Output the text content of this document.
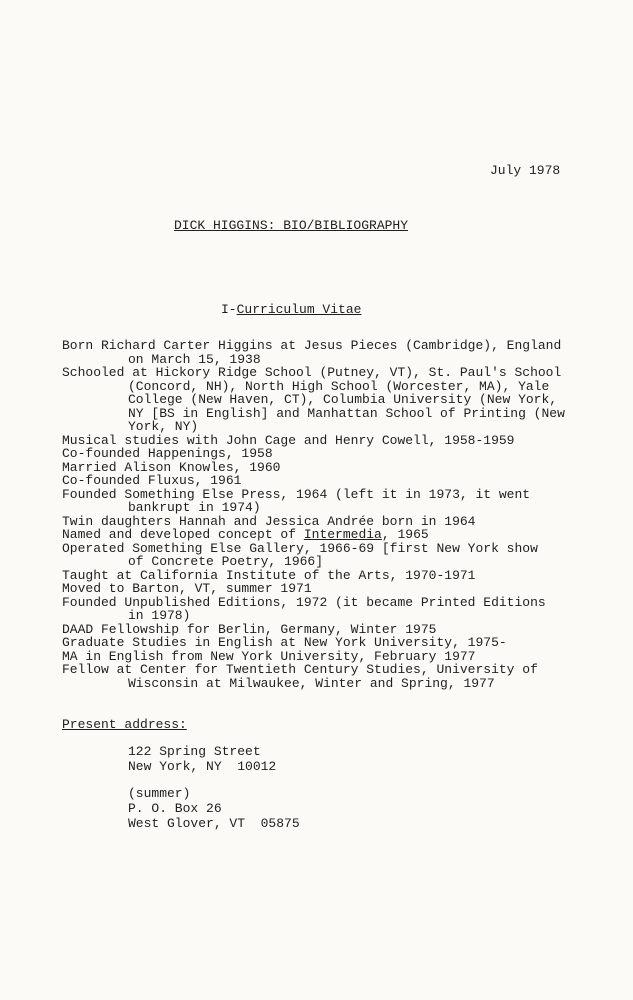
July 1978
DICK HIGGINS: BIO/BIBLIOGRAPHY
I-Curriculum Vitae
Born Richard Carter Higgins at Jesus Pieces (Cambridge), England
on March 15, 1938
Schooled at Hickory Ridge School (Putney, VT), St. Paul's School
(Concord, NH), North High School (Worcester, MA), Yale
College (New Haven, CT), Columbia University (New York,
NY [BS in English] and Manhattan School of Printing (New
York, NY)
Musical studies with John Cage and Henry Cowell, 1958-1959
Co-founded Happenings, 1958
Married Alison Knowles, 1960
Co-founded Fluxus, 1961
Founded Something Else Press, 1964 (left it in 1973, it went
bankrupt in 1974)
Twin daughters Hannah and Jessica Andrée born in 1964
Named and developed concept of Intermedia, 1965
Operated Something Else Gallery, 1966-69 [first New York show
of Concrete Poetry, 1966]
Taught at California Institute of the Arts, 1970-1971
Moved to Barton, VT, summer 1971
Founded Unpublished Editions, 1972 (it became Printed Editions
in 1978)
DAAD Fellowship for Berlin, Germany, Winter 1975
Graduate Studies in English at New York University, 1975-
MA in English from New York University, February 1977
Fellow at Center for Twentieth Century Studies, University of
Wisconsin at Milwaukee, Winter and Spring, 1977
Present address:
122 Spring Street
New York, NY  10012
(summer)
P. O. Box 26
West Glover, VT  05875
